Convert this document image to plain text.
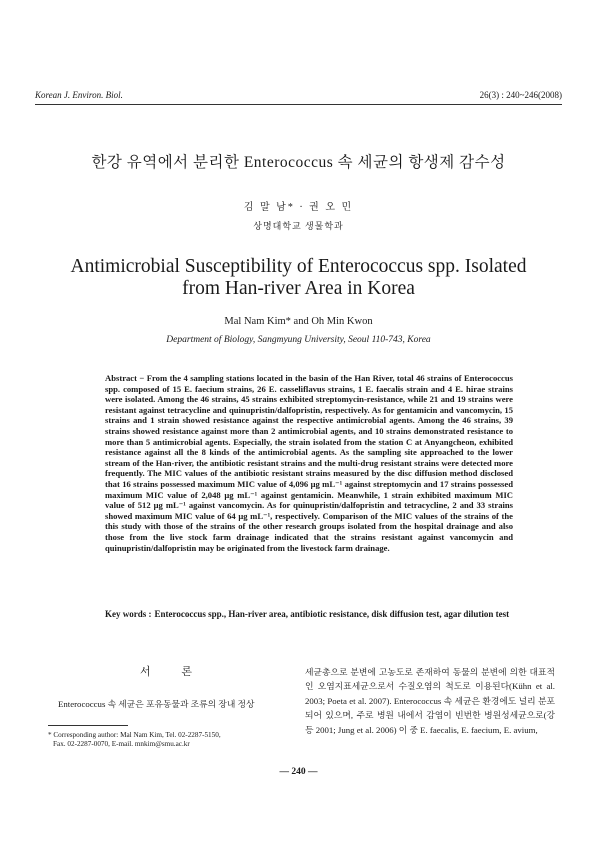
Korean J. Environ. Biol.	26(3) : 240~246(2008)
한강 유역에서 분리한 Enterococcus 속 세균의 항생제 감수성
김 말 남* · 권 오 민
상명대학교 생물학과
Antimicrobial Susceptibility of Enterococcus spp. Isolated
from Han-river Area in Korea
Mal Nam Kim* and Oh Min Kwon
Department of Biology, Sangmyung University, Seoul 110-743, Korea

Abstract − From the 4 sampling stations located in the basin of the Han River, total 46 strains of Enterococcus spp. composed of 15 E. faecium strains, 26 E. casseliflavus strains, 1 E. faecalis strain and 4 E. hirae strains were isolated. Among the 46 strains, 45 strains exhibited streptomycin-resistance, while 21 and 19 strains were resistant against tetracycline and quinupristin/dalfopristin, respectively. As for gentamicin and vancomycin, 15 strains and 1 strain showed resistance against the respective antimicrobial agents. Among the 46 strains, 39 strains showed resistance against more than 2 antimicrobial agents, and 10 strains demonstrated resistance to more than 5 antimicrobial agents. Especially, the strain isolated from the station C at Anyangcheon, exhibited resistance against all the 8 kinds of the antimicrobial agents. As the sampling site approached to the lower stream of the Han-river, the antibiotic resistant strains and the multi-drug resistant strains were detected more frequently. The MIC values of the antibiotic resistant strains measured by the disc diffusion method disclosed that 16 strains possessed maximum MIC value of 4,096 μg mL⁻¹ against streptomycin and 17 strains possessed maximum MIC value of 2,048 μg mL⁻¹ against gentamicin. Meanwhile, 1 strain exhibited maximum MIC value of 512 μg mL⁻¹ against vancomycin. As for quinupristin/dalfopristin and tetracycline, 2 and 33 strains showed maximum MIC value of 64 μg mL⁻¹, respectively. Comparison of the MIC values of the strains of the this study with those of the strains of the other research groups isolated from the hospital drainage and also those from the live stock farm drainage indicated that the strains resistant against vancomycin and quinupristin/dalfopristin may be originated from the livestock farm drainage.

Key words : Enterococcus spp., Han-river area, antibiotic resistance, disk diffusion test, agar dilution test
서 론

Enterococcus 속 세균은 포유동물과 조류의 장내 정상

* Corresponding author: Mal Nam Kim, Tel. 02-2287-5150,
Fax. 02-2287-0070, E-mail. mnkim@smu.ac.kr

세균총으로 분변에 고농도로 존재하여 동물의 분변에 의한 대표적인 오염지표세균으로서 수질오염의 척도로 이용된다(Kühn et al. 2003; Poeta et al. 2007). Enterococcus 속 세균은 환경에도 널리 분포되어 있으며, 주로 병원 내에서 감염이 빈번한 병원성세균으로(강 등 2001; Jung et al. 2006) 이 중 E. faecalis, E. faecium, E. avium,

— 240 —
